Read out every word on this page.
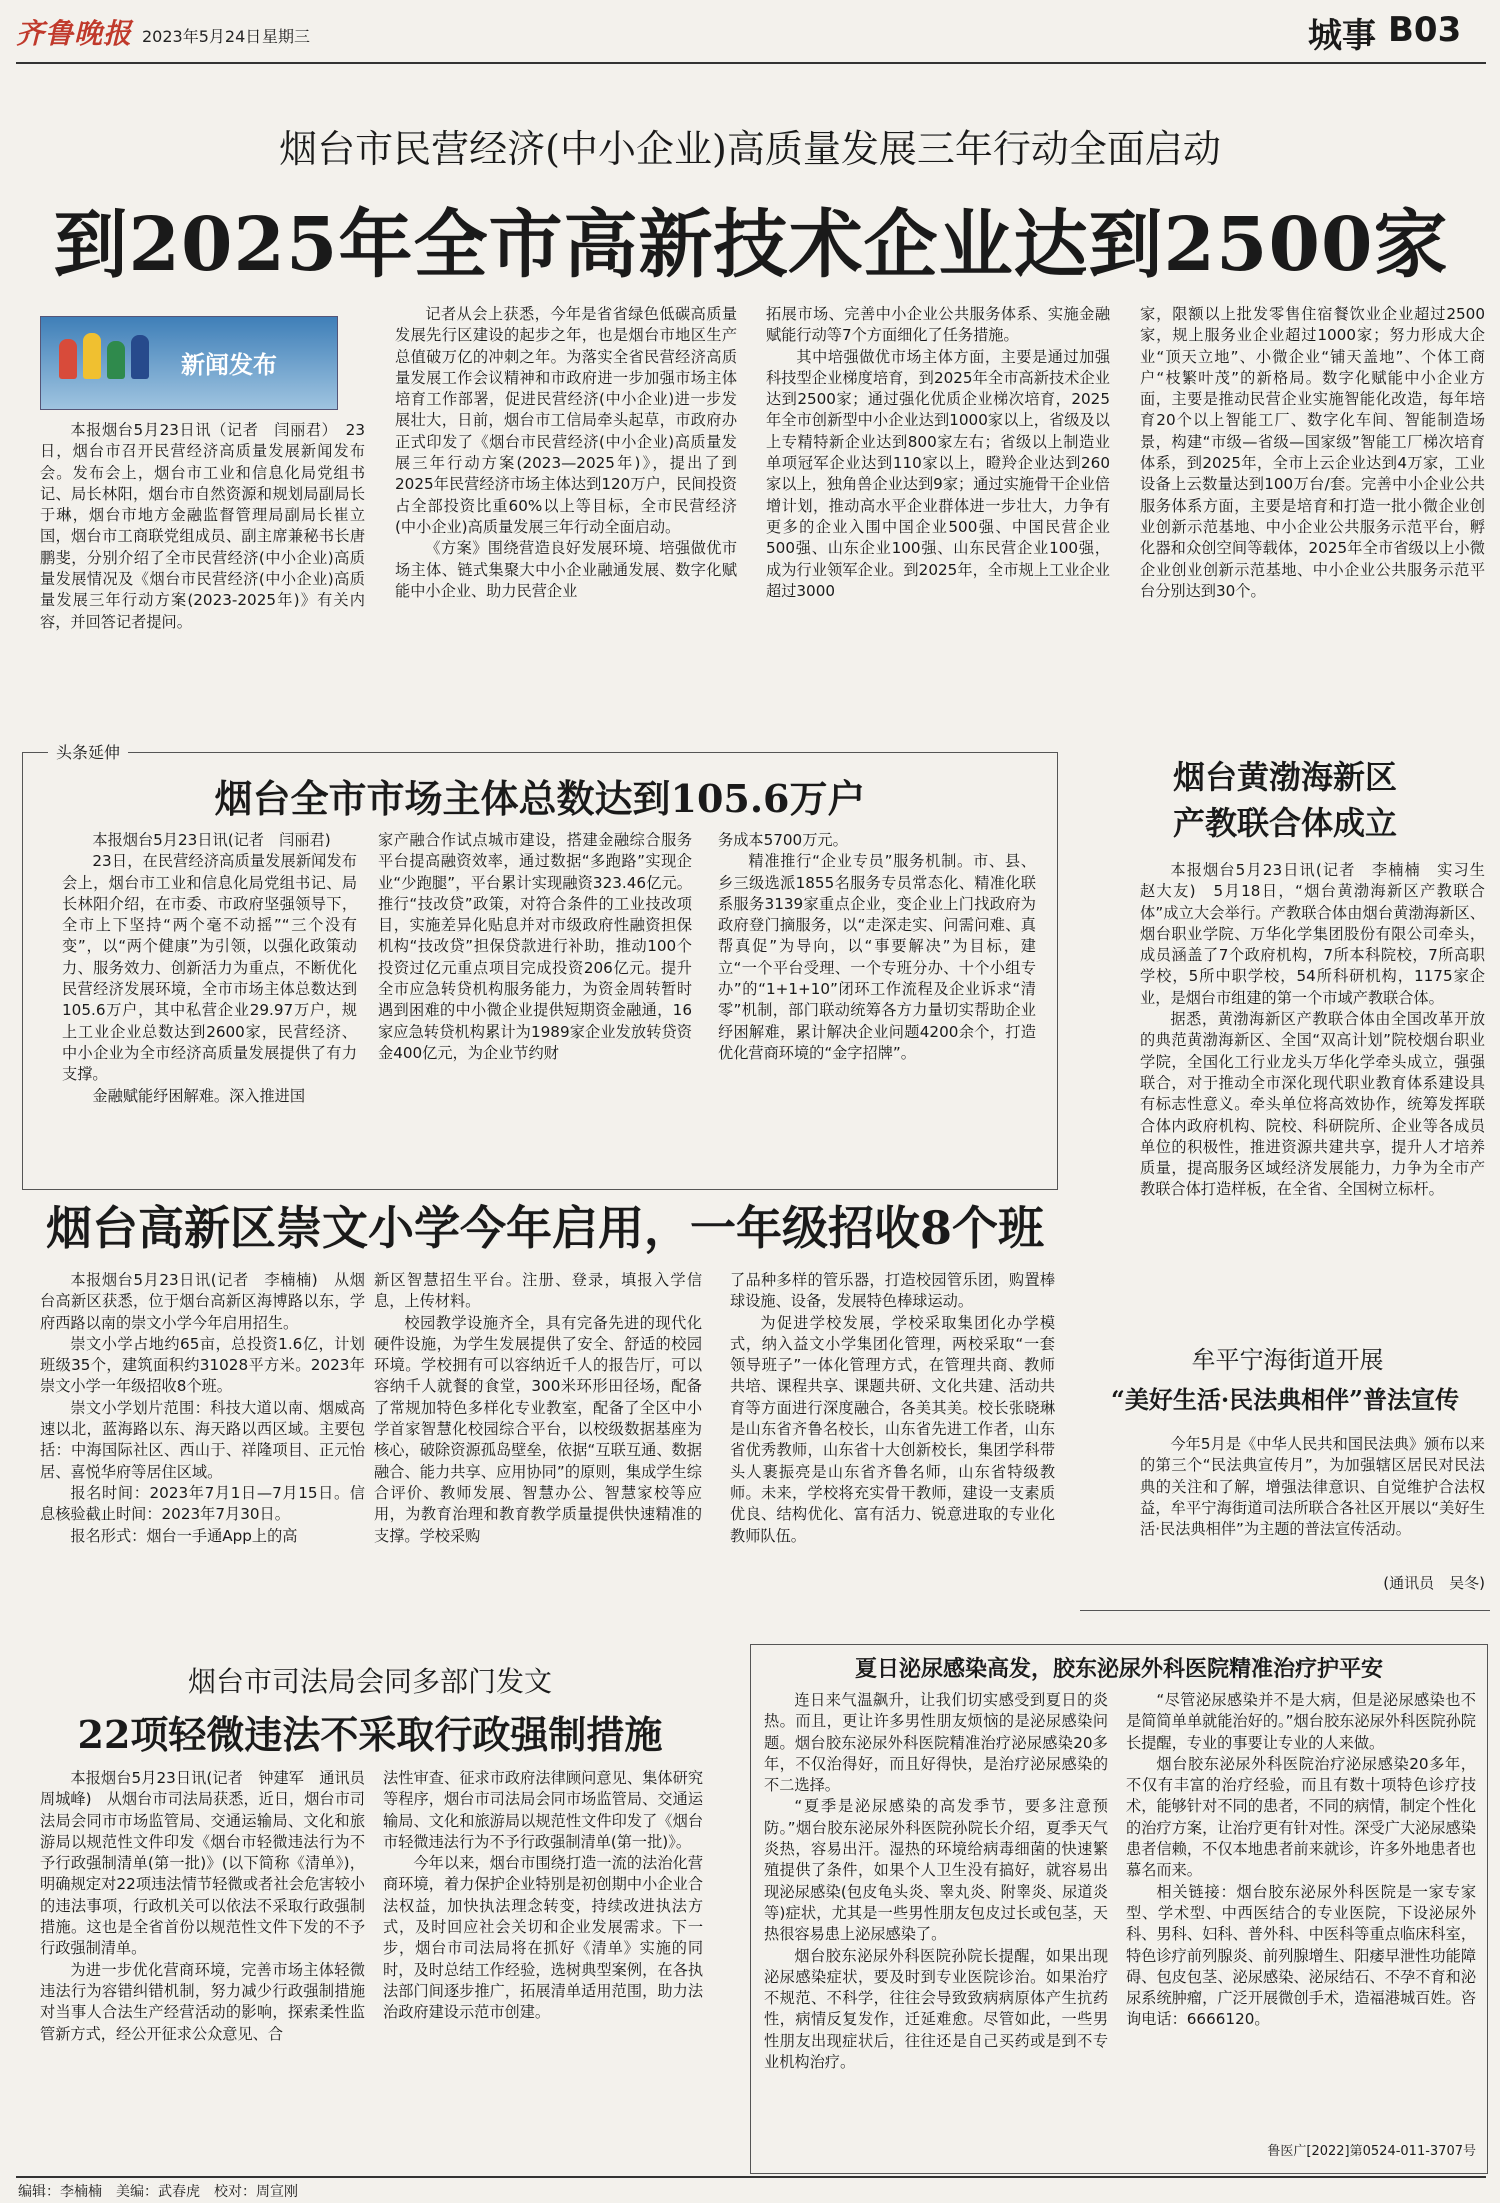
齐鲁晚报 2023年5月24日 星期三	城事 B03
烟台市民营经济(中小企业)高质量发展三年行动全面启动
到2025年全市高新技术企业达到2500家
新闻发布

本报烟台5月23日讯（记者　闫丽君）　23日，烟台市召开民营经济高质量发展新闻发布会。发布会上，烟台市工业和信息化局党组书记、局长林阳，烟台市自然资源和规划局副局长于琳，烟台市地方金融监督管理局副局长崔立国，烟台市工商联党组成员、副主席兼秘书长唐鹏斐，分别介绍了全市民营经济(中小企业)高质量发展情况及《烟台市民营经济(中小企业)高质量发展三年行动方案(2023-2025年)》有关内容，并回答记者提问。

记者从会上获悉，今年是省省绿色低碳高质量发展先行区建设的起步之年，也是烟台市地区生产总值破万亿的冲刺之年。为落实全省民营经济高质量发展工作会议精神和市政府进一步加强市场主体培育工作部署，促进民营经济(中小企业)进一步发展壮大，日前，烟台市工信局牵头起草，市政府办正式印发了《烟台市民营经济(中小企业)高质量发展三年行动方案(2023—2025年)》，提出了到2025年民营经济市场主体达到120万户，民间投资占全部投资比重60%以上等目标，全市民营经济(中小企业)高质量发展三年行动全面启动。

《方案》围绕营造良好发展环境、培强做优市场主体、链式集聚大中小企业融通发展、数字化赋能中小企业、助力民营企业

拓展市场、完善中小企业公共服务体系、实施金融赋能行动等7个方面细化了任务措施。

其中培强做优市场主体方面，主要是通过加强科技型企业梯度培育，到2025年全市高新技术企业达到2500家；通过强化优质企业梯次培育，2025年全市创新型中小企业达到1000家以上，省级及以上专精特新企业达到800家左右；省级以上制造业单项冠军企业达到110家以上，瞪羚企业达到260家以上，独角兽企业达到9家；通过实施骨干企业倍增计划，推动高水平企业群体进一步壮大，力争有更多的企业入围中国企业500强、中国民营企业500强、山东企业100强、山东民营企业100强，成为行业领军企业。到2025年，全市规上工业企业超过3000

家，限额以上批发零售住宿餐饮业企业超过2500家，规上服务业企业超过1000家；努力形成大企业“顶天立地”、小微企业“铺天盖地”、个体工商户“枝繁叶茂”的新格局。数字化赋能中小企业方面，主要是推动民营企业实施智能化改造，每年培育20个以上智能工厂、数字化车间、智能制造场景，构建“市级—省级—国家级”智能工厂梯次培育体系，到2025年，全市上云企业达到4万家，工业设备上云数量达到100万台/套。完善中小企业公共服务体系方面，主要是培育和打造一批小微企业创业创新示范基地、中小企业公共服务示范平台，孵化器和众创空间等载体，2025年全市省级以上小微企业创业创新示范基地、中小企业公共服务示范平台分别达到30个。

头条延伸
烟台全市市场主体总数达到105.6万户

本报烟台5月23日讯(记者　闫丽君)

23日，在民营经济高质量发展新闻发布会上，烟台市工业和信息化局党组书记、局长林阳介绍，在市委、市政府坚强领导下，全市上下坚持“两个毫不动摇”“三个没有变”，以“两个健康”为引领，以强化政策动力、服务效力、创新活力为重点，不断优化民营经济发展环境，全市市场主体总数达到105.6万户，其中私营企业29.97万户，规上工业企业总数达到2600家，民营经济、中小企业为全市经济高质量发展提供了有力支撑。

金融赋能纾困解难。深入推进国

家产融合作试点城市建设，搭建金融综合服务平台提高融资效率，通过数据“多跑路”实现企业“少跑腿”，平台累计实现融资323.46亿元。推行“技改贷”政策，对符合条件的工业技改项目，实施差异化贴息并对市级政府性融资担保机构“技改贷”担保贷款进行补助，推动100个投资过亿元重点项目完成投资206亿元。提升全市应急转贷机构服务能力，为资金周转暂时遇到困难的中小微企业提供短期资金融通，16家应急转贷机构累计为1989家企业发放转贷资金400亿元，为企业节约财

务成本5700万元。

精准推行“企业专员”服务机制。市、县、乡三级选派1855名服务专员常态化、精准化联系服务3139家重点企业，变企业上门找政府为政府登门摘服务，以“走深走实、问需问难、真帮真促”为导向，以“事要解决”为目标，建立“一个平台受理、一个专班分办、十个小组专办”的“1+1+10”闭环工作流程及企业诉求“清零”机制，部门联动统筹各方力量切实帮助企业纾困解难，累计解决企业问题4200余个，打造优化营商环境的“金字招牌”。

烟台黄渤海新区
产教联合体成立

本报烟台5月23日讯(记者　李楠楠　实习生　赵大友)　5月18日，“烟台黄渤海新区产教联合体”成立大会举行。产教联合体由烟台黄渤海新区、烟台职业学院、万华化学集团股份有限公司牵头，成员涵盖了7个政府机构，7所本科院校，7所高职学校，5所中职学校，54所科研机构，1175家企业，是烟台市组建的第一个市域产教联合体。

据悉，黄渤海新区产教联合体由全国改革开放的典范黄渤海新区、全国“双高计划”院校烟台职业学院，全国化工行业龙头万华化学牵头成立，强强联合，对于推动全市深化现代职业教育体系建设具有标志性意义。牵头单位将高效协作，统筹发挥联合体内政府机构、院校、科研院所、企业等各成员单位的积极性，推进资源共建共享，提升人才培养质量，提高服务区域经济发展能力，力争为全市产教联合体打造样板，在全省、全国树立标杆。

烟台高新区崇文小学今年启用，一年级招收8个班

本报烟台5月23日讯(记者　李楠楠)　从烟台高新区获悉，位于烟台高新区海博路以东，学府西路以南的崇文小学今年启用招生。

崇文小学占地约65亩，总投资1.6亿，计划班级35个，建筑面积约31028平方米。2023年崇文小学一年级招收8个班。

崇文小学划片范围：科技大道以南、烟威高速以北，蓝海路以东、海天路以西区域。主要包括：中海国际社区、西山于、祥隆项目、正元怡居、喜悦华府等居住区域。

报名时间：2023年7月1日—7月15日。信息核验截止时间：2023年7月30日。

报名形式：烟台一手通App上的高

新区智慧招生平台。注册、登录，填报入学信息，上传材料。

校园教学设施齐全，具有完备先进的现代化硬件设施，为学生发展提供了安全、舒适的校园环境。学校拥有可以容纳近千人的报告厅，可以容纳千人就餐的食堂，300米环形田径场，配备了常规加特色多样化专业教室，配备了全区中小学首家智慧化校园综合平台，以校级数据基座为核心，破除资源孤岛壁垒，依据“互联互通、数据融合、能力共享、应用协同”的原则，集成学生综合评价、教师发展、智慧办公、智慧家校等应用，为教育治理和教育教学质量提供快速精准的支撑。学校采购

了品种多样的管乐器，打造校园管乐团，购置棒球设施、设备，发展特色棒球运动。

为促进学校发展，学校采取集团化办学模式，纳入益文小学集团化管理，两校采取“一套领导班子”一体化管理方式，在管理共商、教师共培、课程共享、课题共研、文化共建、活动共育等方面进行深度融合，各美其美。校长张晓琳是山东省齐鲁名校长，山东省先进工作者，山东省优秀教师，山东省十大创新校长，集团学科带头人裹振亮是山东省齐鲁名师，山东省特级教师。未来，学校将充实骨干教师，建设一支素质优良、结构优化、富有活力、锐意进取的专业化教师队伍。

牟平宁海街道开展
“美好生活·民法典相伴”普法宣传

今年5月是《中华人民共和国民法典》颁布以来的第三个“民法典宣传月”，为加强辖区居民对民法典的关注和了解，增强法律意识、自觉维护合法权益，牟平宁海街道司法所联合各社区开展以“美好生活·民法典相伴”为主题的普法宣传活动。

(通讯员　吴冬)
烟台市司法局会同多部门发文
22项轻微违法不采取行政强制措施

本报烟台5月23日讯(记者　钟建军　通讯员　周城峰)　从烟台市司法局获悉，近日，烟台市司法局会同市市场监管局、交通运输局、文化和旅游局以规范性文件印发《烟台市轻微违法行为不予行政强制清单(第一批)》(以下简称《清单》)，明确规定对22项违法情节轻微或者社会危害较小的违法事项，行政机关可以依法不采取行政强制措施。这也是全省首份以规范性文件下发的不予行政强制清单。

为进一步优化营商环境，完善市场主体轻微违法行为容错纠错机制，努力减少行政强制措施对当事人合法生产经营活动的影响，探索柔性监管新方式，经公开征求公众意见、合

法性审查、征求市政府法律顾问意见、集体研究等程序，烟台市司法局会同市场监管局、交通运输局、文化和旅游局以规范性文件印发了《烟台市轻微违法行为不予行政强制清单(第一批)》。

今年以来，烟台市围绕打造一流的法治化营商环境，着力保护企业特别是初创期中小企业合法权益，加快执法理念转变，持续改进执法方式，及时回应社会关切和企业发展需求。下一步，烟台市司法局将在抓好《清单》实施的同时，及时总结工作经验，选树典型案例，在各执法部门间逐步推广，拓展清单适用范围，助力法治政府建设示范市创建。

夏日泌尿感染高发，胶东泌尿外科医院精准治疗护平安

连日来气温飙升，让我们切实感受到夏日的炎热。而且，更让许多男性朋友烦恼的是泌尿感染问题。烟台胶东泌尿外科医院精准治疗泌尿感染20多年，不仅治得好，而且好得快，是治疗泌尿感染的不二选择。

“夏季是泌尿感染的高发季节，要多注意预防。”烟台胶东泌尿外科医院孙院长介绍，夏季天气炎热，容易出汗。湿热的环境给病毒细菌的快速繁殖提供了条件，如果个人卫生没有搞好，就容易出现泌尿感染(包皮龟头炎、睾丸炎、附睾炎、尿道炎等)症状，尤其是一些男性朋友包皮过长或包茎，天热很容易患上泌尿感染了。

烟台胶东泌尿外科医院孙院长提醒，如果出现泌尿感染症状，要及时到专业医院诊治。如果治疗不规范、不科学，往往会导致致病病原体产生抗药性，病情反复发作，迁延难愈。尽管如此，一些男性朋友出现症状后，往往还是自己买药或是到不专业机构治疗。

“尽管泌尿感染并不是大病，但是泌尿感染也不是简简单单就能治好的。”烟台胶东泌尿外科医院孙院长提醒，专业的事要让专业的人来做。

烟台胶东泌尿外科医院治疗泌尿感染20多年，不仅有丰富的治疗经验，而且有数十项特色诊疗技术，能够针对不同的患者，不同的病情，制定个性化的治疗方案，让治疗更有针对性。深受广大泌尿感染患者信赖，不仅本地患者前来就诊，许多外地患者也慕名而来。

相关链接：烟台胶东泌尿外科医院是一家专家型、学术型、中西医结合的专业医院，下设泌尿外科、男科、妇科、普外科、中医科等重点临床科室，特色诊疗前列腺炎、前列腺增生、阳痿早泄性功能障碍、包皮包茎、泌尿感染、泌尿结石、不孕不育和泌尿系统肿瘤，广泛开展微创手术，造福港城百姓。咨询电话：6666120。

鲁医广[2022]第0524-011-3707号
编辑：李楠楠　美编：武春虎　校对：周宣刚
